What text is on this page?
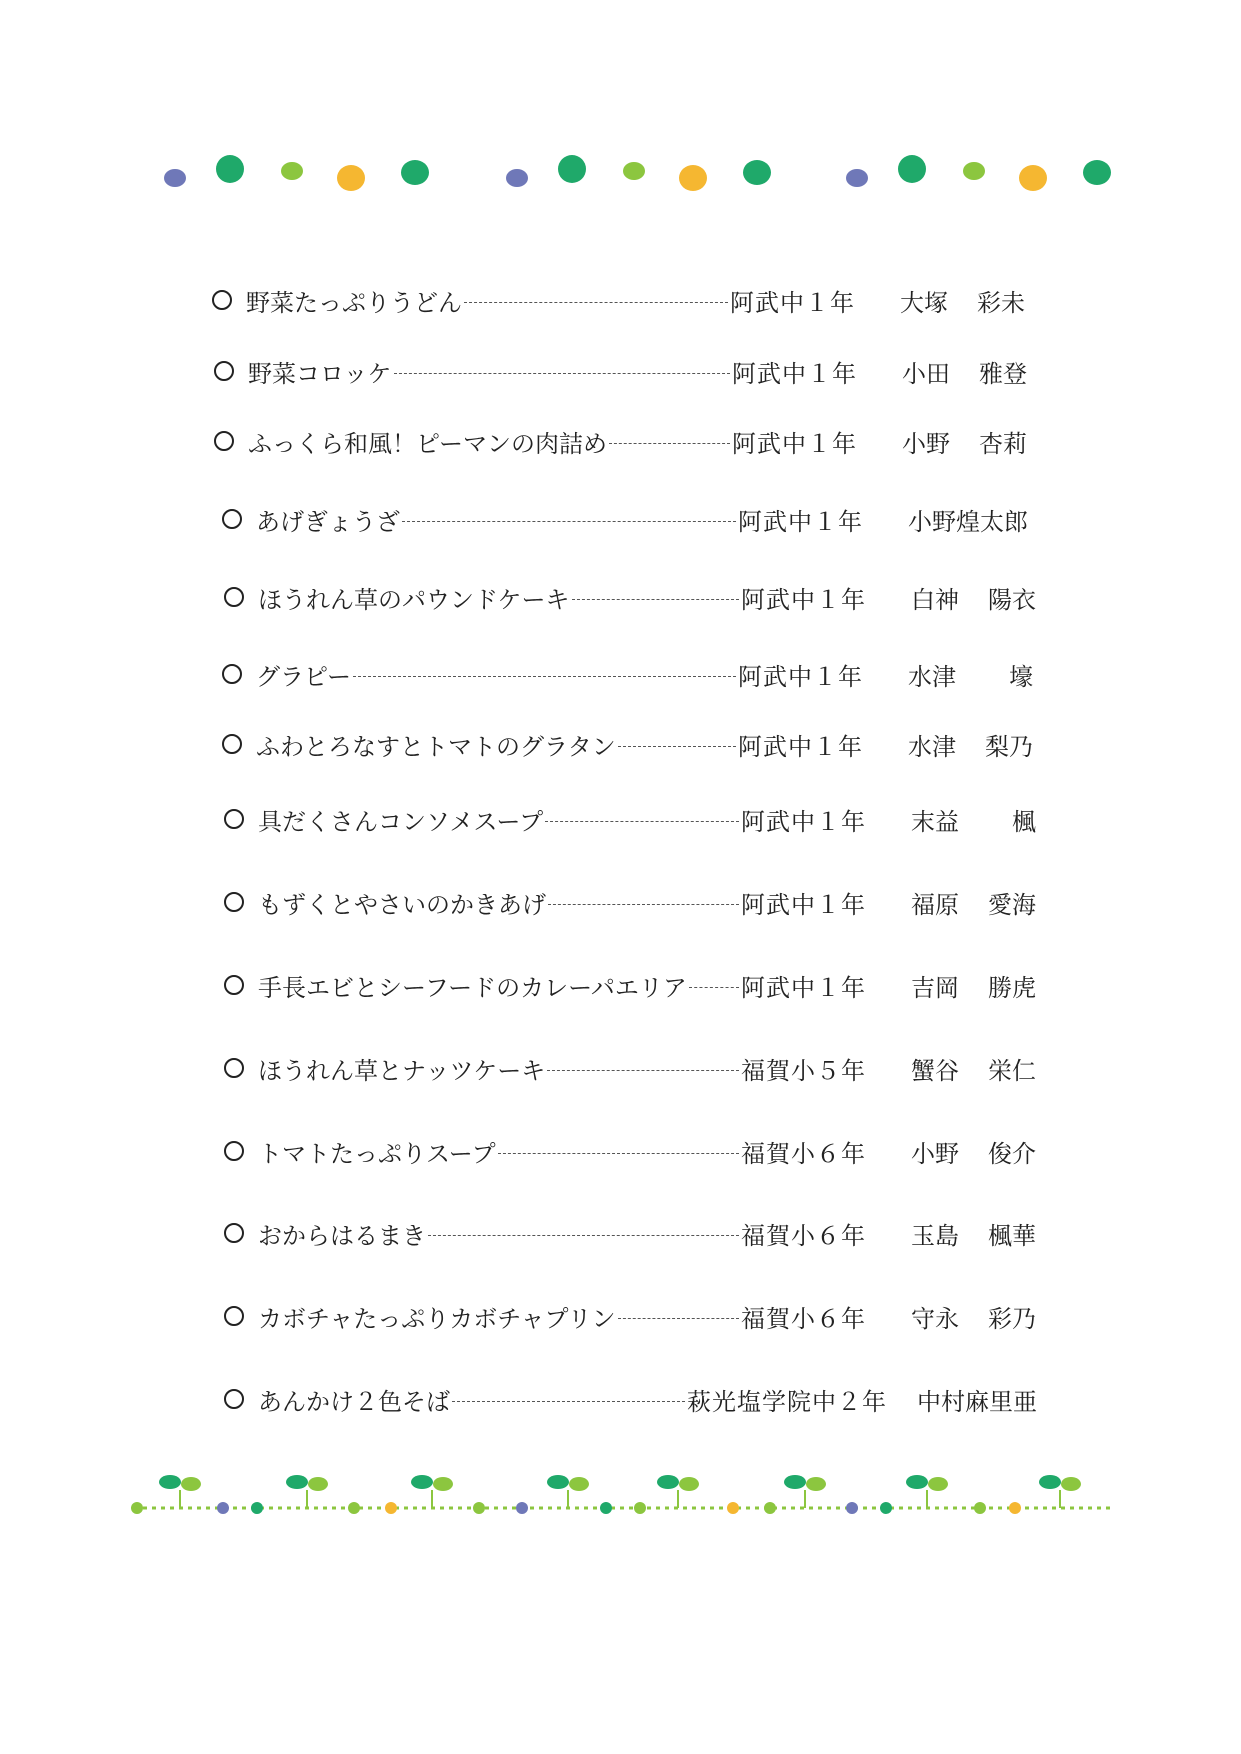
野菜たっぷりうどん	阿武中１年	大塚 彩未
野菜コロッケ	阿武中１年	小田 雅登
ふっくら和風！ピーマンの肉詰め	阿武中１年	小野 杏莉
あげぎょうざ	阿武中１年	小野煌太郎
ほうれん草のパウンドケーキ	阿武中１年	白神 陽衣
グラピー	阿武中１年	水津 壕
ふわとろなすとトマトのグラタン	阿武中１年	水津 梨乃
具だくさんコンソメスープ	阿武中１年	末益 楓
もずくとやさいのかきあげ	阿武中１年	福原 愛海
手長エビとシーフードのカレーパエリア 阿武中１年	吉岡 勝虎
ほうれん草とナッツケーキ	福賀小５年	蟹谷 栄仁
トマトたっぷりスープ	福賀小６年	小野 俊介
おからはるまき	福賀小６年	玉島 楓華
カボチャたっぷりカボチャプリン	福賀小６年	守永 彩乃
あんかけ２色そば	萩光塩学院中２年	中村麻里亜
